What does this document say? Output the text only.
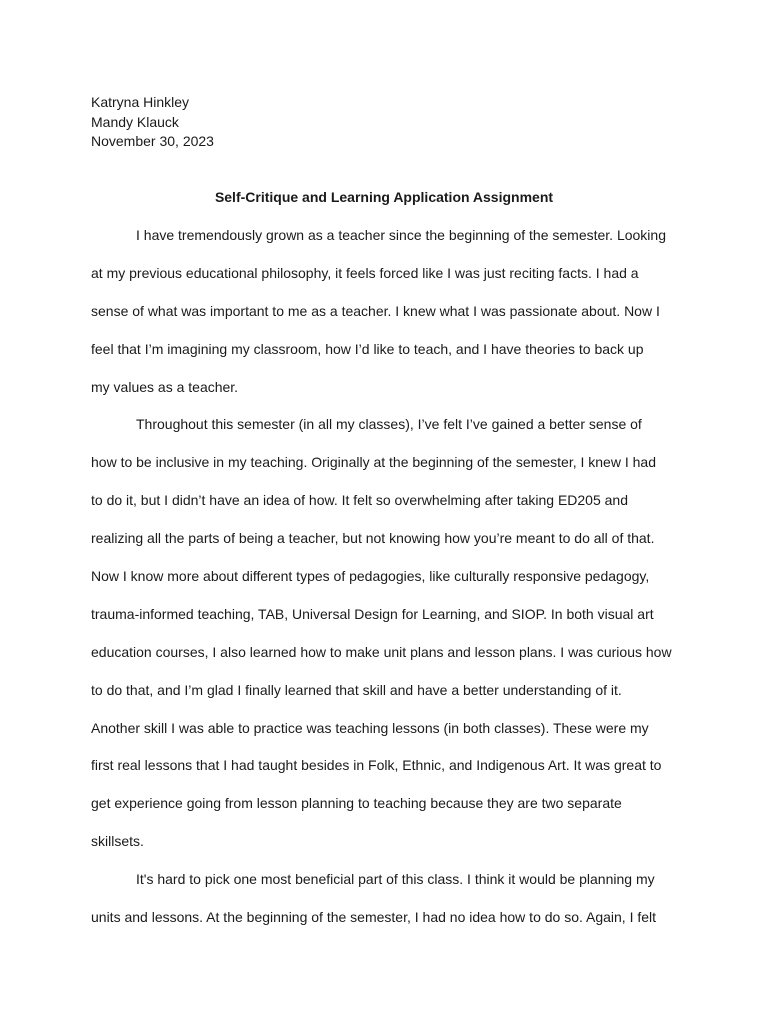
Katryna Hinkley
Mandy Klauck
November 30, 2023
Self-Critique and Learning Application Assignment
I have tremendously grown as a teacher since the beginning of the semester. Looking
at my previous educational philosophy, it feels forced like I was just reciting facts. I had a
sense of what was important to me as a teacher. I knew what I was passionate about. Now I
feel that I’m imagining my classroom, how I’d like to teach, and I have theories to back up
my values as a teacher.
Throughout this semester (in all my classes), I’ve felt I’ve gained a better sense of
how to be inclusive in my teaching. Originally at the beginning of the semester, I knew I had
to do it, but I didn’t have an idea of how. It felt so overwhelming after taking ED205 and
realizing all the parts of being a teacher, but not knowing how you’re meant to do all of that.
Now I know more about different types of pedagogies, like culturally responsive pedagogy,
trauma-informed teaching, TAB, Universal Design for Learning, and SIOP. In both visual art
education courses, I also learned how to make unit plans and lesson plans. I was curious how
to do that, and I’m glad I finally learned that skill and have a better understanding of it.
Another skill I was able to practice was teaching lessons (in both classes). These were my
first real lessons that I had taught besides in Folk, Ethnic, and Indigenous Art. It was great to
get experience going from lesson planning to teaching because they are two separate
skillsets.
It's hard to pick one most beneficial part of this class. I think it would be planning my
units and lessons. At the beginning of the semester, I had no idea how to do so. Again, I felt
